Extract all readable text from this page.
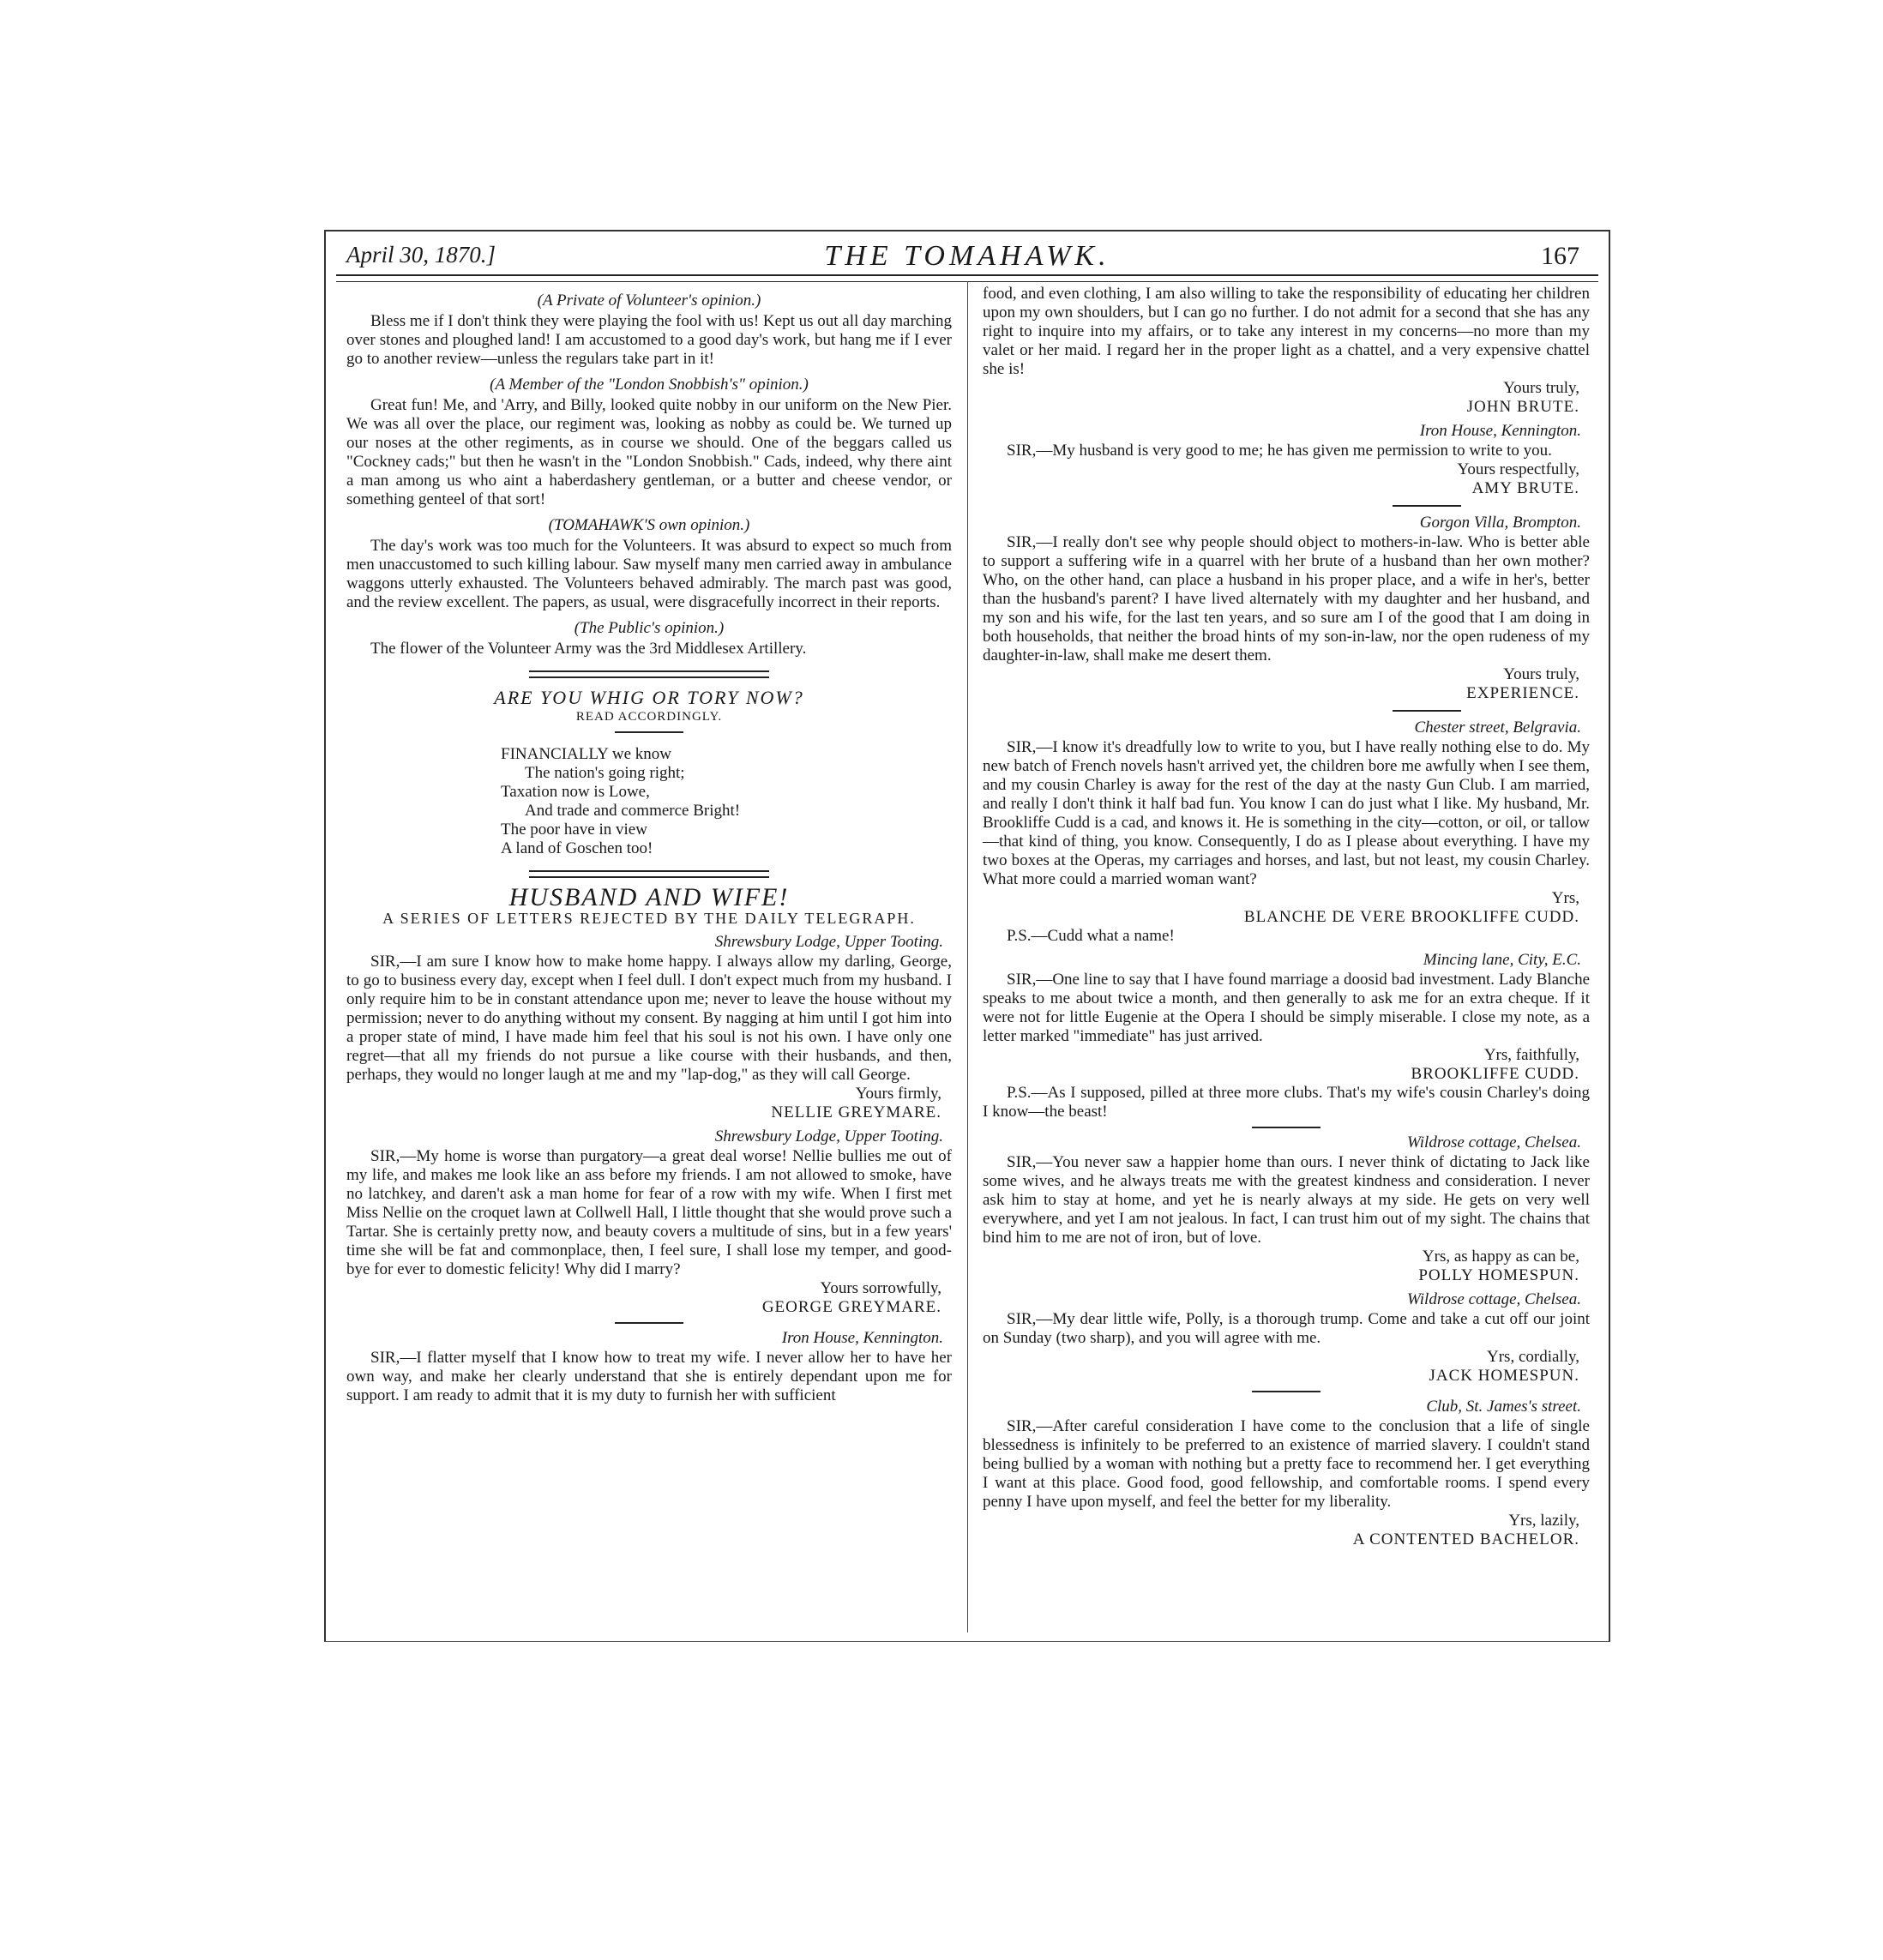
April 30, 1870.]	THE TOMAHAWK.	167
(A Private of Volunteer's opinion.)

Bless me if I don't think they were playing the fool with us! Kept us out all day marching over stones and ploughed land! I am accustomed to a good day's work, but hang me if I ever go to another review—unless the regulars take part in it!

(A Member of the "London Snobbish's" opinion.)

Great fun! Me, and 'Arry, and Billy, looked quite nobby in our uniform on the New Pier. We was all over the place, our regiment was, looking as nobby as could be. We turned up our noses at the other regiments, as in course we should. One of the beggars called us "Cockney cads;" but then he wasn't in the "London Snobbish." Cads, indeed, why there aint a man among us who aint a haberdashery gentleman, or a butter and cheese vendor, or something genteel of that sort!

(TOMAHAWK'S own opinion.)

The day's work was too much for the Volunteers. It was absurd to expect so much from men unaccustomed to such killing labour. Saw myself many men carried away in ambulance waggons utterly exhausted. The Volunteers behaved admirably. The march past was good, and the review excellent. The papers, as usual, were disgracefully incorrect in their reports.

(The Public's opinion.)

The flower of the Volunteer Army was the 3rd Middlesex Artillery.

ARE YOU WHIG OR TORY NOW?
READ ACCORDINGLY.
FINANCIALLY we know
The nation's going right;
Taxation now is Lowe,
And trade and commerce Bright!
The poor have in view
A land of Goschen too!
HUSBAND AND WIFE!
A SERIES OF LETTERS REJECTED BY THE DAILY TELEGRAPH.
Shrewsbury Lodge, Upper Tooting.

SIR,—I am sure I know how to make home happy. I always allow my darling, George, to go to business every day, except when I feel dull. I don't expect much from my husband. I only require him to be in constant attendance upon me; never to leave the house without my permission; never to do anything without my consent. By nagging at him until I got him into a proper state of mind, I have made him feel that his soul is not his own. I have only one regret—that all my friends do not pursue a like course with their husbands, and then, perhaps, they would no longer laugh at me and my "lap-dog," as they will call George.

Yours firmly,
NELLIE GREYMARE.
Shrewsbury Lodge, Upper Tooting.

SIR,—My home is worse than purgatory—a great deal worse! Nellie bullies me out of my life, and makes me look like an ass before my friends. I am not allowed to smoke, have no latchkey, and daren't ask a man home for fear of a row with my wife. When I first met Miss Nellie on the croquet lawn at Collwell Hall, I little thought that she would prove such a Tartar. She is certainly pretty now, and beauty covers a multitude of sins, but in a few years' time she will be fat and commonplace, then, I feel sure, I shall lose my temper, and good-bye for ever to domestic felicity! Why did I marry?

Yours sorrowfully,
GEORGE GREYMARE.
Iron House, Kennington.

SIR,—I flatter myself that I know how to treat my wife. I never allow her to have her own way, and make her clearly understand that she is entirely dependant upon me for support. I am ready to admit that it is my duty to furnish her with sufficient

food, and even clothing, I am also willing to take the responsibility of educating her children upon my own shoulders, but I can go no further. I do not admit for a second that she has any right to inquire into my affairs, or to take any interest in my concerns—no more than my valet or her maid. I regard her in the proper light as a chattel, and a very expensive chattel she is!

Yours truly,
JOHN BRUTE.
Iron House, Kennington.

SIR,—My husband is very good to me; he has given me permission to write to you.

Yours respectfully,
AMY BRUTE.
Gorgon Villa, Brompton.

SIR,—I really don't see why people should object to mothers-in-law. Who is better able to support a suffering wife in a quarrel with her brute of a husband than her own mother? Who, on the other hand, can place a husband in his proper place, and a wife in her's, better than the husband's parent? I have lived alternately with my daughter and her husband, and my son and his wife, for the last ten years, and so sure am I of the good that I am doing in both households, that neither the broad hints of my son-in-law, nor the open rudeness of my daughter-in-law, shall make me desert them.

Yours truly,
EXPERIENCE.
Chester street, Belgravia.

SIR,—I know it's dreadfully low to write to you, but I have really nothing else to do. My new batch of French novels hasn't arrived yet, the children bore me awfully when I see them, and my cousin Charley is away for the rest of the day at the nasty Gun Club. I am married, and really I don't think it half bad fun. You know I can do just what I like. My husband, Mr. Brookliffe Cudd is a cad, and knows it. He is something in the city—cotton, or oil, or tallow—that kind of thing, you know. Consequently, I do as I please about everything. I have my two boxes at the Operas, my carriages and horses, and last, but not least, my cousin Charley. What more could a married woman want?

Yrs,
BLANCHE DE VERE BROOKLIFFE CUDD.

P.S.—Cudd what a name!

Mincing lane, City, E.C.

SIR,—One line to say that I have found marriage a doosid bad investment. Lady Blanche speaks to me about twice a month, and then generally to ask me for an extra cheque. If it were not for little Eugenie at the Opera I should be simply miserable. I close my note, as a letter marked "immediate" has just arrived.

Yrs, faithfully,
BROOKLIFFE CUDD.

P.S.—As I supposed, pilled at three more clubs. That's my wife's cousin Charley's doing I know—the beast!

Wildrose cottage, Chelsea.

SIR,—You never saw a happier home than ours. I never think of dictating to Jack like some wives, and he always treats me with the greatest kindness and consideration. I never ask him to stay at home, and yet he is nearly always at my side. He gets on very well everywhere, and yet I am not jealous. In fact, I can trust him out of my sight. The chains that bind him to me are not of iron, but of love.

Yrs, as happy as can be,
POLLY HOMESPUN.
Wildrose cottage, Chelsea.

SIR,—My dear little wife, Polly, is a thorough trump. Come and take a cut off our joint on Sunday (two sharp), and you will agree with me.

Yrs, cordially,
JACK HOMESPUN.
Club, St. James's street.

SIR,—After careful consideration I have come to the conclusion that a life of single blessedness is infinitely to be preferred to an existence of married slavery. I couldn't stand being bullied by a woman with nothing but a pretty face to recommend her. I get everything I want at this place. Good food, good fellowship, and comfortable rooms. I spend every penny I have upon myself, and feel the better for my liberality.

Yrs, lazily,
A CONTENTED BACHELOR.
